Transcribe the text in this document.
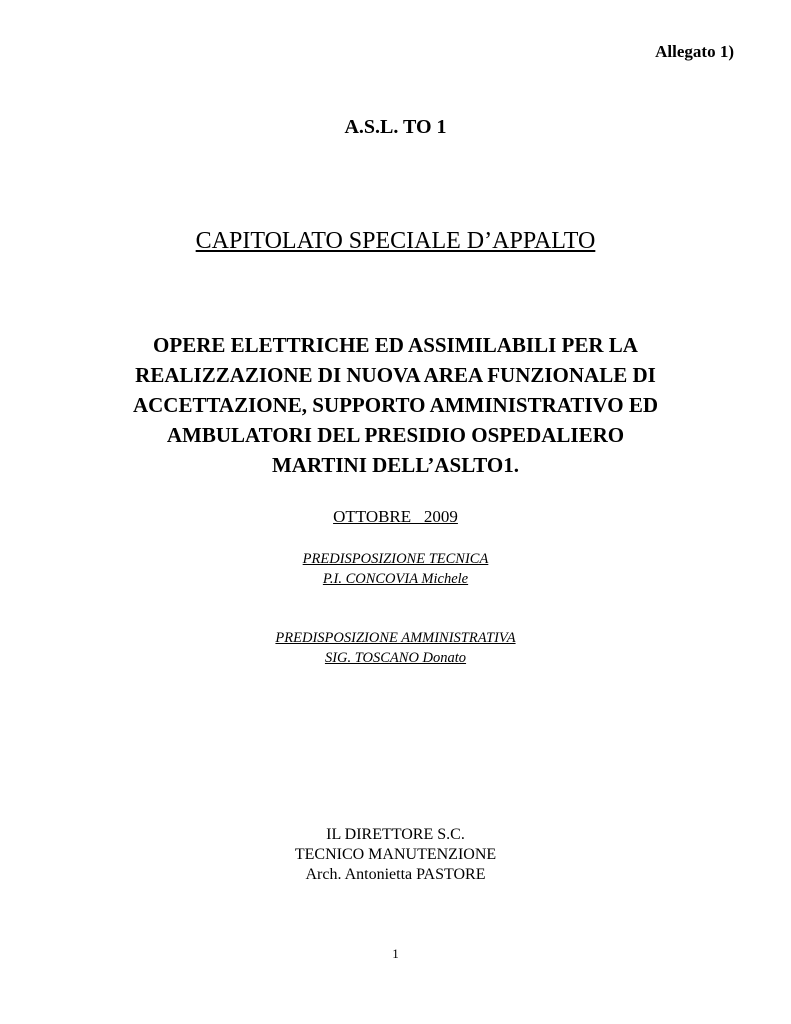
Allegato 1)
A.S.L. TO 1
CAPITOLATO SPECIALE D’APPALTO
OPERE ELETTRICHE ED ASSIMILABILI PER LA
REALIZZAZIONE DI NUOVA AREA FUNZIONALE DI
ACCETTAZIONE, SUPPORTO AMMINISTRATIVO ED
AMBULATORI DEL PRESIDIO OSPEDALIERO
MARTINI DELL’ASLTO1.
OTTOBRE   2009
PREDISPOSIZIONE TECNICA
P.I. CONCOVIA Michele
PREDISPOSIZIONE AMMINISTRATIVA
SIG. TOSCANO Donato
IL DIRETTORE S.C.
TECNICO MANUTENZIONE
Arch. Antonietta PASTORE
1
